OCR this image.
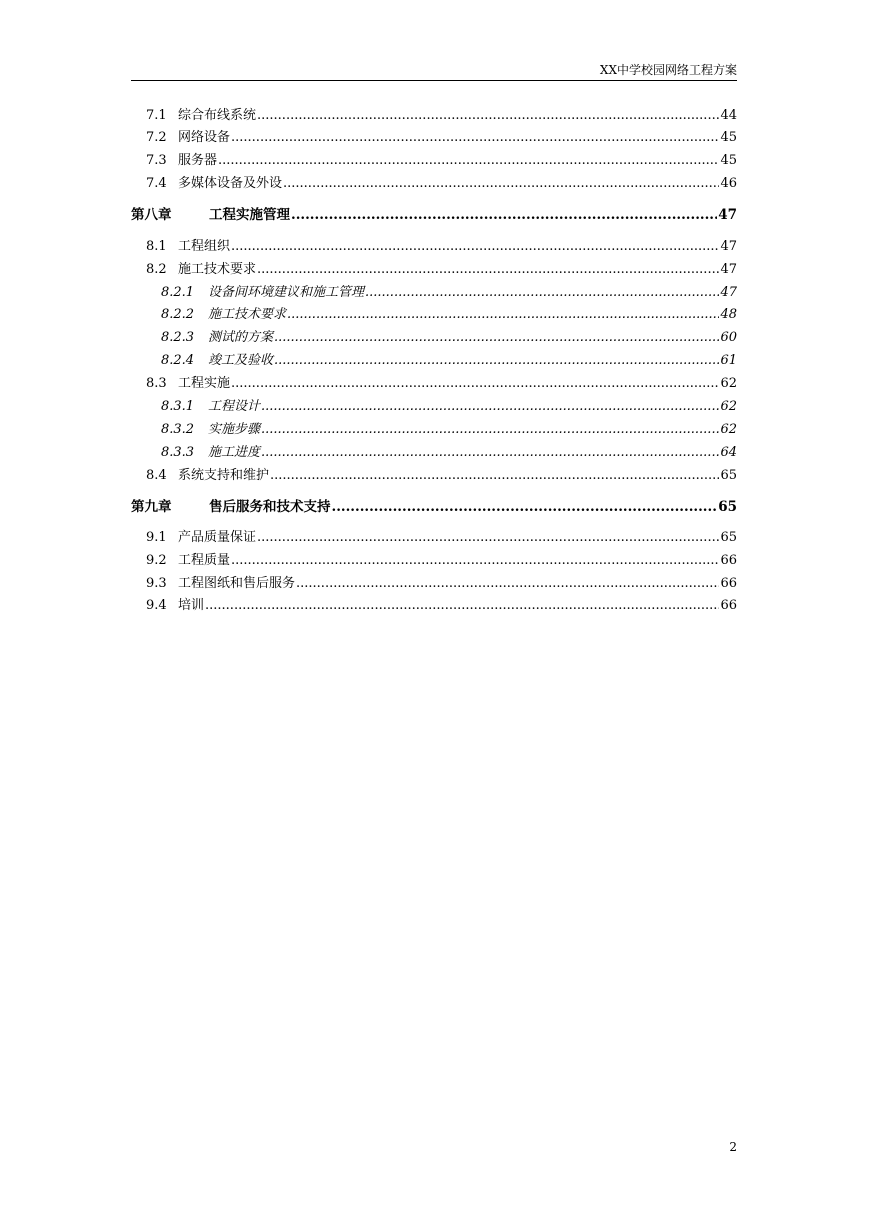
XX中学校园网络工程方案
7.1 综合布线系统 .....	44
7.2 网络设备 .....	45
7.3 服务器 .....	45
7.4 多媒体设备及外设 .....	46
第八章	工程实施管理 .....	47
8.1 工程组织 .....	47
8.2 施工技术要求 .....	47
8.2.1	设备间环境建议和施工管理 .....	47
8.2.2	施工技术要求 .....	48
8.2.3	测试的方案 .....	60
8.2.4	竣工及验收 .....	61
8.3 工程实施 .....	62
8.3.1	工程设计 .....	62
8.3.2	实施步骤 .....	62
8.3.3	施工进度 .....	64
8.4 系统支持和维护 .....	65
第九章	售后服务和技术支持 .....	65
9.1 产品质量保证 .....	65
9.2 工程质量 .....	66
9.3 工程图纸和售后服务 .....	66
9.4 培训 .....	66
2
